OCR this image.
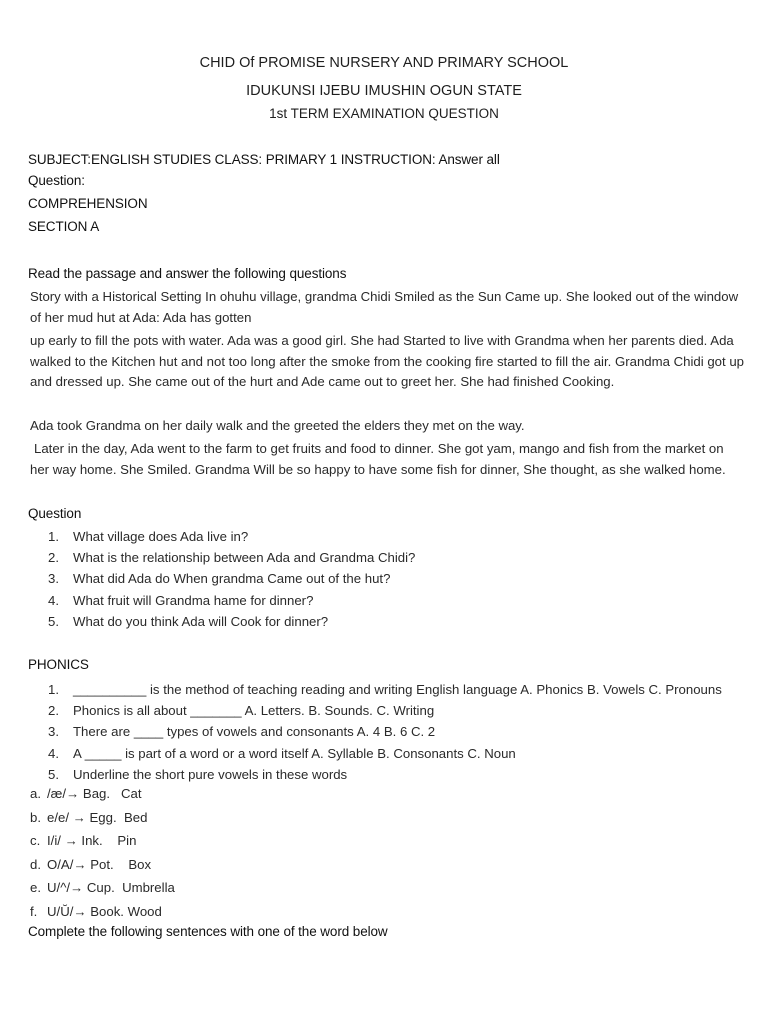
CHID Of PROMISE NURSERY AND PRIMARY SCHOOL
IDUKUNSI IJEBU IMUSHIN OGUN STATE
1st TERM EXAMINATION QUESTION
SUBJECT:ENGLISH STUDIES CLASS: PRIMARY 1 INSTRUCTION: Answer all
Question:
COMPREHENSION
SECTION A
Read the passage and answer the following questions
Story with a Historical Setting In ohuhu village, grandma Chidi Smiled as the Sun Came up. She looked out of the window of her mud hut at Ada: Ada has gotten
up early to fill the pots with water. Ada was a good girl. She had Started to live with Grandma when her parents died. Ada walked to the Kitchen hut and not too long after the smoke from the cooking fire started to fill the air. Grandma Chidi got up and dressed up. She came out of the hurt and Ade came out to greet her. She had finished Cooking.
Ada took Grandma on her daily walk and the greeted the elders they met on the way.
Later in the day, Ada went to the farm to get fruits and food to dinner. She got yam, mango and fish from the market on her way home. She Smiled. Grandma Will be so happy to have some fish for dinner, She thought, as she walked home.
Question
1. What village does Ada live in?
2. What is the relationship between Ada and Grandma Chidi?
3. What did Ada do When grandma Came out of the hut?
4. What fruit will Grandma hame for dinner?
5. What do you think Ada will Cook for dinner?
PHONICS
1. __________ is the method of teaching reading and writing English language A. Phonics B. Vowels C. Pronouns
2. Phonics is all about _______ A. Letters. B. Sounds. C. Writing
3. There are ____ types of vowels and consonants A. 4 B. 6 C. 2
4. A _____ is part of a word or a word itself A. Syllable B. Consonants C. Noun
5. Underline the short pure vowels in these words
a. /æ/→ Bag.   Cat
b. e/e/ → Egg.  Bed
c. I/i/ → Ink.    Pin
d. O/A/→ Pot.    Box
e. U/^/→ Cup.  Umbrella
f. U/Ŭ/→ Book. Wood
Complete the following sentences with one of the word below
